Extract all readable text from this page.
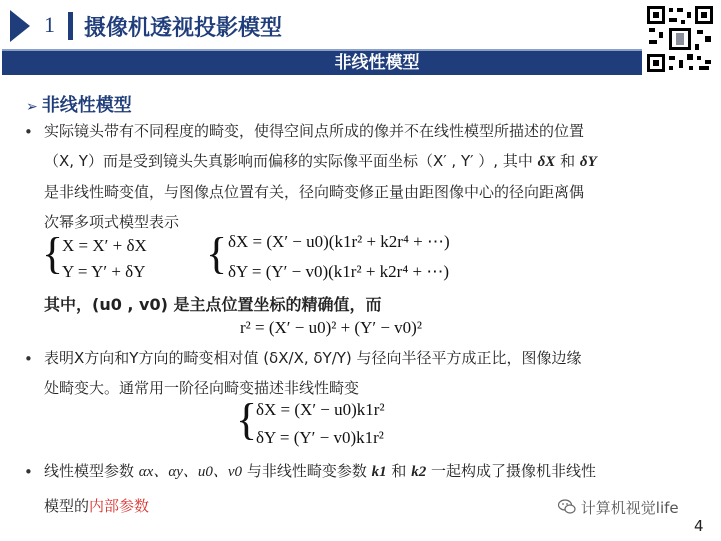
1 摄像机透视投影模型
非线性模型
➢ 非线性模型
• 实际镜头带有不同程度的畸变，使得空间点所成的像并不在线性模型所描述的位置
（X, Y）而是受到镜头失真影响而偏移的实际像平面坐标（X′ , Y′ ）, 其中 δX 和 δY
是非线性畸变值，与图像点位置有关，径向畸变修正量由距图像中心的径向距离偶
次幂多项式模型表示
{
X = X′ + δX
Y = Y′ + δY { δX = (X′ − u0)(k1r² + k2r⁴ + ⋯)
δY = (Y′ − v0)(k1r² + k2r⁴ + ⋯)
其中，(u0 , v0) 是主点位置坐标的精确值，而
r² = (X′ − u0)² + (Y′ − v0)²
• 表明X方向和Y方向的畸变相对值 (δX/X, δY/Y) 与径向半径平方成正比，图像边缘
处畸变大。通常用一阶径向畸变描述非线性畸变
{
δX = (X′ − u0)k1r²
δY = (Y′ − v0)k1r²
• 线性模型参数 αx、αy、u0、v0 与非线性畸变参数 k1 和 k2 一起构成了摄像机非线性
模型的内部参数	计算机视觉life
4
